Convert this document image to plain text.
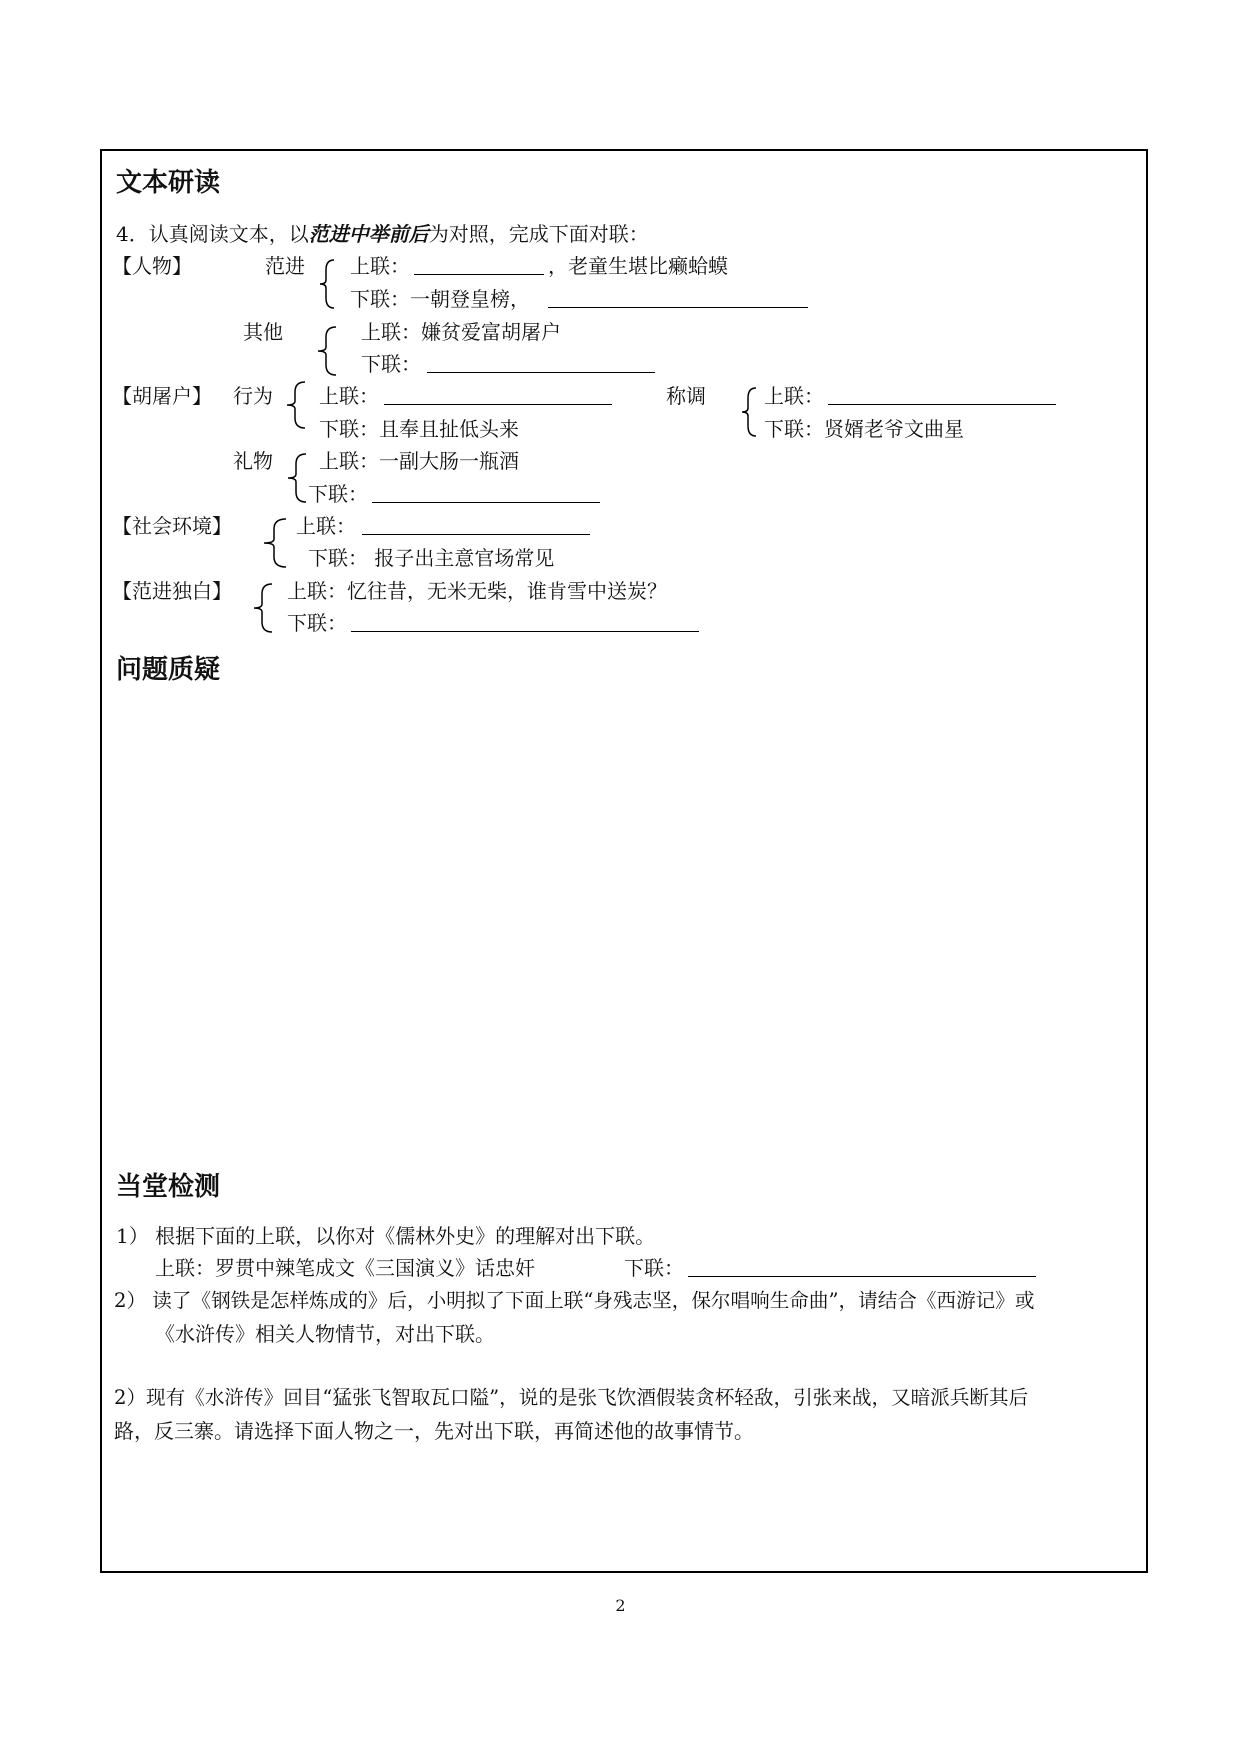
文本研读
4．认真阅读文本，以范进中举前后为对照，完成下面对联：
【人物】	范进 上联：	，老童生堪比癞蛤蟆
下联：一朝登皇榜，
其他	上联：嫌贫爱富胡屠户
下联：
【胡屠户】 行为 上联：
下联：且奉且扯低头来
称调	上联：
下联：贤婿老爷文曲星
礼物 上联：一副大肠一瓶酒
下联：
【社会环境】	上联：
下联： 报子出主意官场常见
【范进独白】	上联：忆往昔，无米无柴，谁肯雪中送炭？
下联：
问题质疑
当堂检测
1） 根据下面的上联，以你对《儒林外史》的理解对出下联。
上联：罗贯中辣笔成文《三国演义》话忠奸	下联：
2） 读了《钢铁是怎样炼成的》后，小明拟了下面上联“身残志坚，保尔唱响生命曲”，请结合《西游记》或
《水浒传》相关人物情节，对出下联。
2）现有《水浒传》回目“猛张飞智取瓦口隘”，说的是张飞饮酒假装贪杯轻敌，引张来战，又暗派兵断其后
路，反三寨。请选择下面人物之一，先对出下联，再简述他的故事情节。
2
